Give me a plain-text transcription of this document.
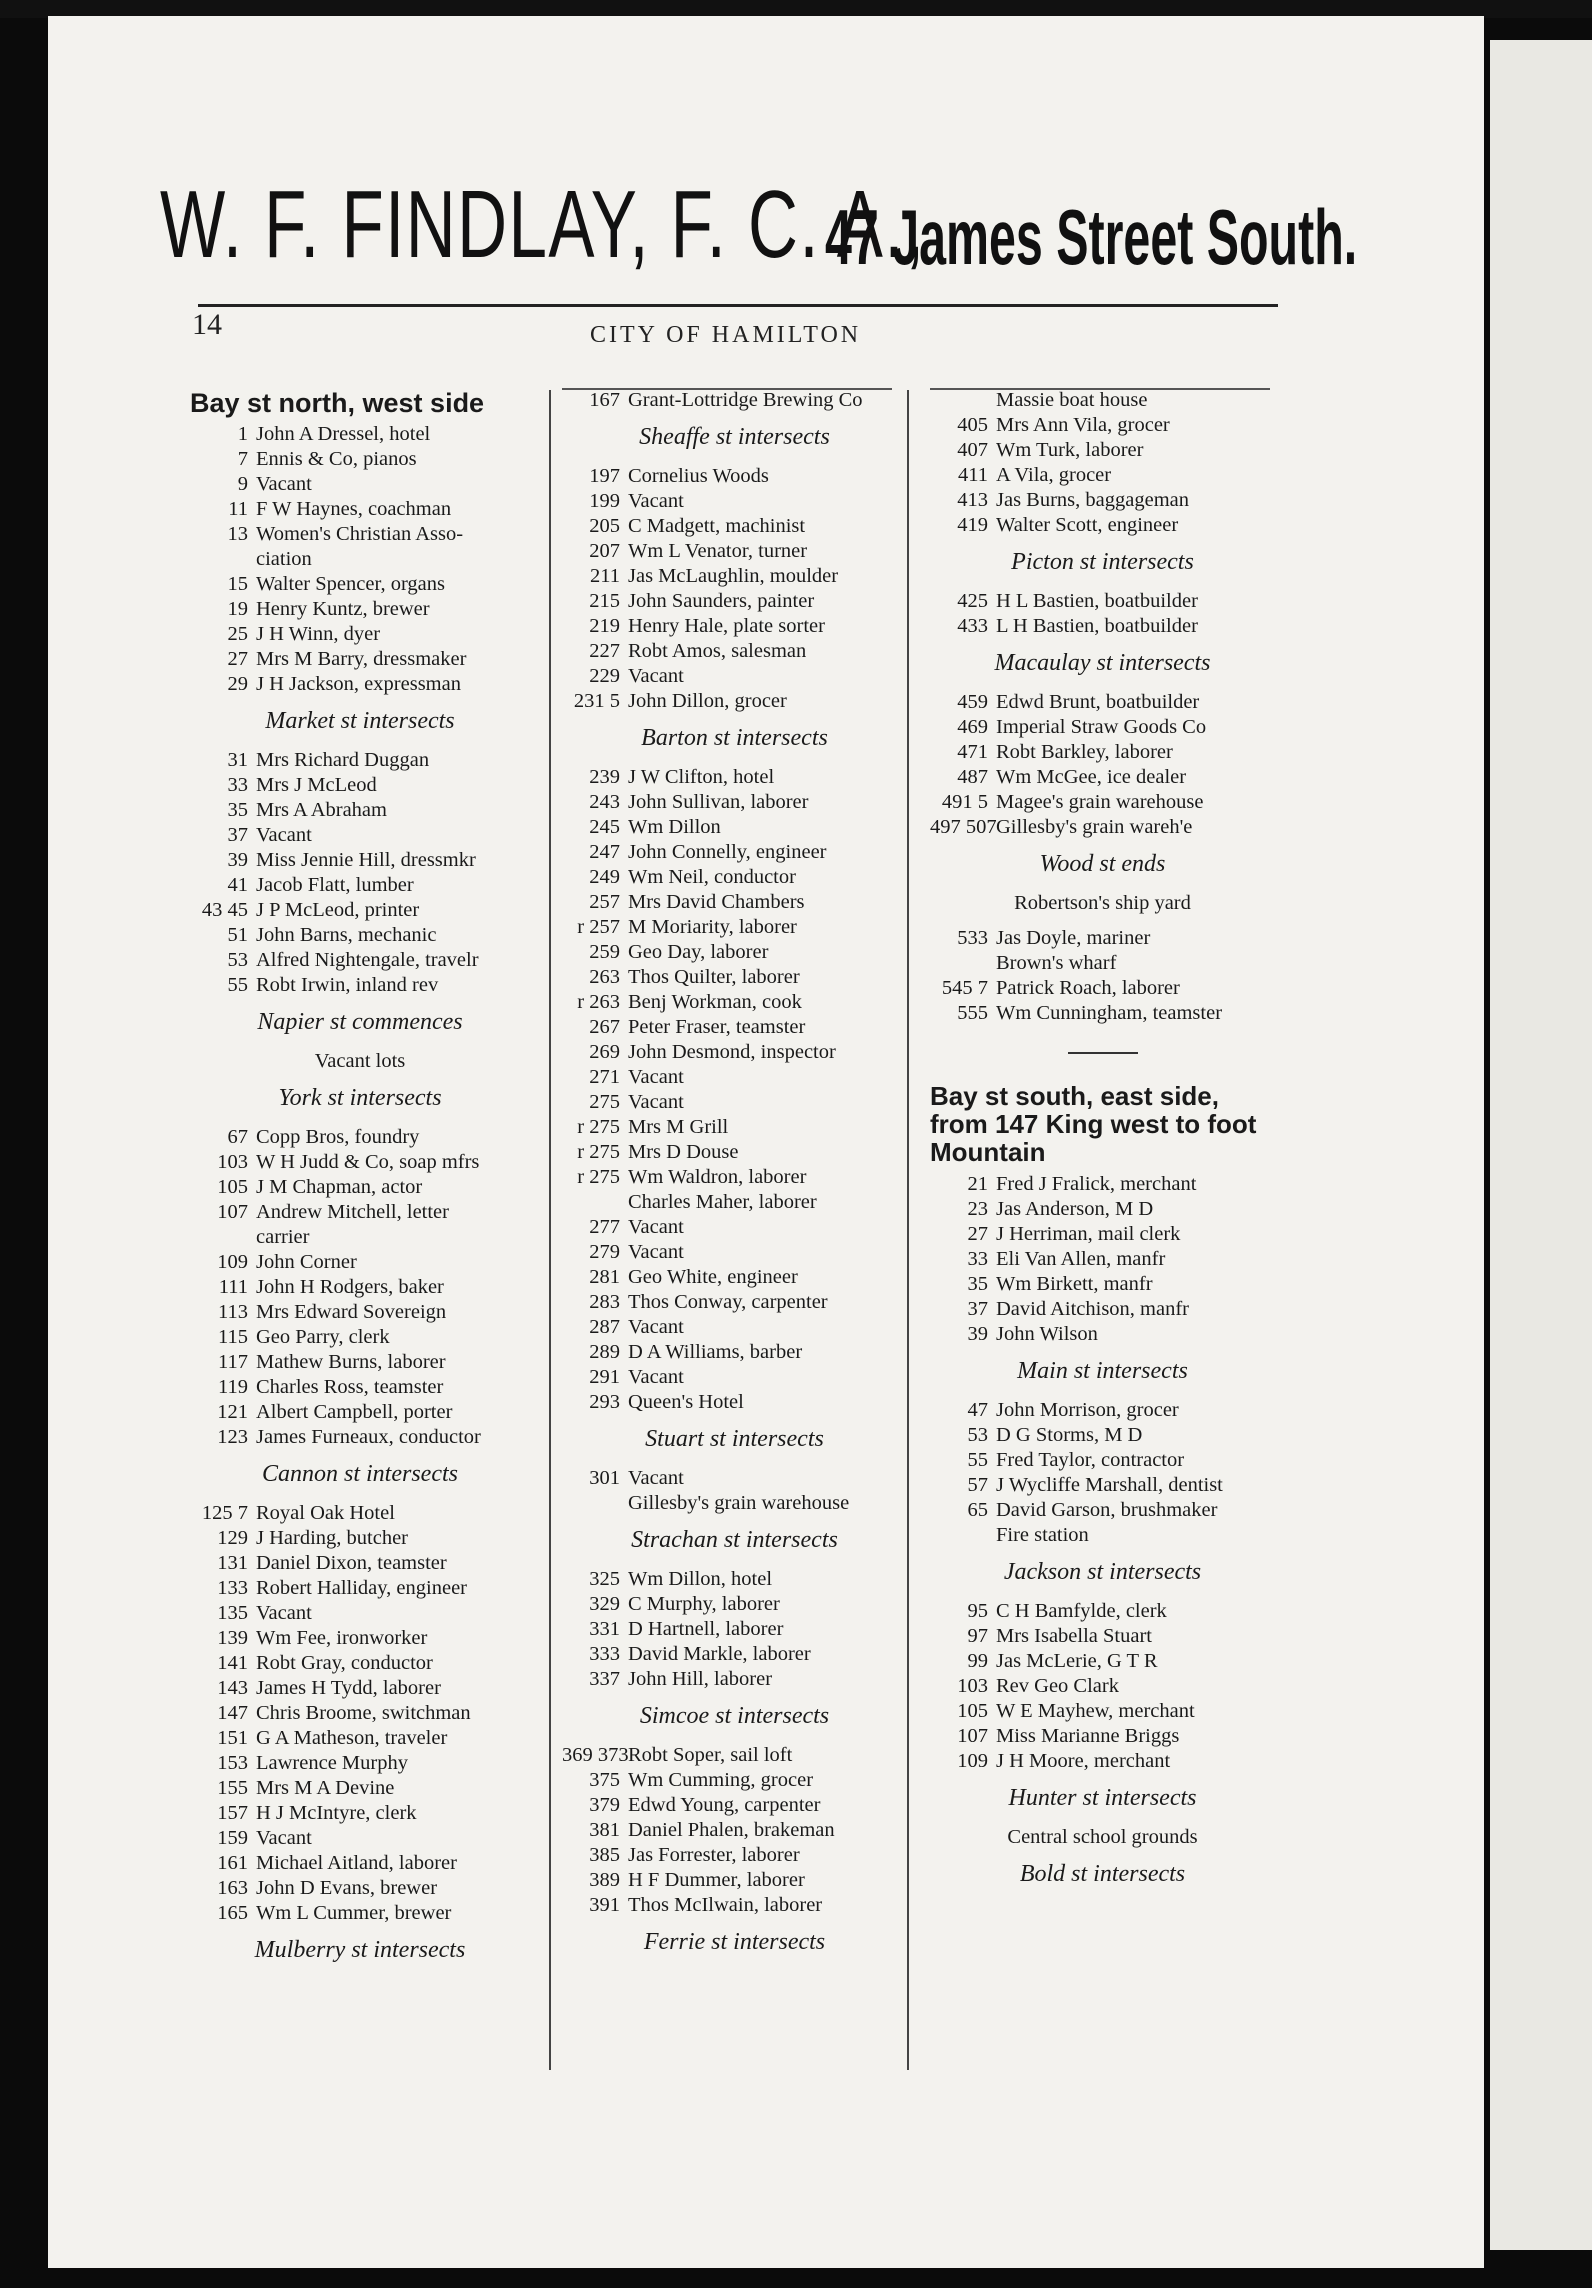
W. F. FINDLAY, F. C. A.,
47 James Street South.
14	CITY OF HAMILTON
Bay st north, west side
1 John A Dressel, hotel
7 Ennis & Co, pianos
9 Vacant
11 F W Haynes, coachman
13 Women's Christian Asso-
ciation
15 Walter Spencer, organs
19 Henry Kuntz, brewer
25 J H Winn, dyer
27 Mrs M Barry, dressmaker
29 J H Jackson, expressman
Market st intersects
31 Mrs Richard Duggan
33 Mrs J McLeod
35 Mrs A Abraham
37 Vacant
39 Miss Jennie Hill, dressmkr
41 Jacob Flatt, lumber
43 45 J P McLeod, printer
51 John Barns, mechanic
53 Alfred Nightengale, travelr
55 Robt Irwin, inland rev
Napier st commences
Vacant lots
York st intersects
67 Copp Bros, foundry
103 W H Judd & Co, soap mfrs
105 J M Chapman, actor
107 Andrew Mitchell, letter
carrier
109 John Corner
111 John H Rodgers, baker
113 Mrs Edward Sovereign
115 Geo Parry, clerk
117 Mathew Burns, laborer
119 Charles Ross, teamster
121 Albert Campbell, porter
123 James Furneaux, conductor
Cannon st intersects
125 7 Royal Oak Hotel
129 J Harding, butcher
131 Daniel Dixon, teamster
133 Robert Halliday, engineer
135 Vacant
139 Wm Fee, ironworker
141 Robt Gray, conductor
143 James H Tydd, laborer
147 Chris Broome, switchman
151 G A Matheson, traveler
153 Lawrence Murphy
155 Mrs M A Devine
157 H J McIntyre, clerk
159 Vacant
161 Michael Aitland, laborer
163 John D Evans, brewer
165 Wm L Cummer, brewer
Mulberry st intersects
167 Grant-Lottridge Brewing Co
Sheaffe st intersects
197 Cornelius Woods
199 Vacant
205 C Madgett, machinist
207 Wm L Venator, turner
211 Jas McLaughlin, moulder
215 John Saunders, painter
219 Henry Hale, plate sorter
227 Robt Amos, salesman
229 Vacant
231 5 John Dillon, grocer
Barton st intersects
239 J W Clifton, hotel
243 John Sullivan, laborer
245 Wm Dillon
247 John Connelly, engineer
249 Wm Neil, conductor
257 Mrs David Chambers
r 257 M Moriarity, laborer
259 Geo Day, laborer
263 Thos Quilter, laborer
r 263 Benj Workman, cook
267 Peter Fraser, teamster
269 John Desmond, inspector
271 Vacant
275 Vacant
r 275 Mrs M Grill
r 275 Mrs D Douse
r 275 Wm Waldron, laborer
Charles Maher, laborer
277 Vacant
279 Vacant
281 Geo White, engineer
283 Thos Conway, carpenter
287 Vacant
289 D A Williams, barber
291 Vacant
293 Queen's Hotel
Stuart st intersects
301 Vacant
Gillesby's grain warehouse
Strachan st intersects
325 Wm Dillon, hotel
329 C Murphy, laborer
331 D Hartnell, laborer
333 David Markle, laborer
337 John Hill, laborer
Simcoe st intersects
369 373 Robt Soper, sail loft
375 Wm Cumming, grocer
379 Edwd Young, carpenter
381 Daniel Phalen, brakeman
385 Jas Forrester, laborer
389 H F Dummer, laborer
391 Thos McIlwain, laborer
Ferrie st intersects
Massie boat house
405 Mrs Ann Vila, grocer
407 Wm Turk, laborer
411 A Vila, grocer
413 Jas Burns, baggageman
419 Walter Scott, engineer
Picton st intersects
425 H L Bastien, boatbuilder
433 L H Bastien, boatbuilder
Macaulay st intersects
459 Edwd Brunt, boatbuilder
469 Imperial Straw Goods Co
471 Robt Barkley, laborer
487 Wm McGee, ice dealer
491 5 Magee's grain warehouse
497 507 Gillesby's grain wareh'e
Wood st ends
Robertson's ship yard
533 Jas Doyle, mariner
Brown's wharf
545 7 Patrick Roach, laborer
555 Wm Cunningham, teamster
Bay st south, east side, from 147 King west to foot Mountain
21 Fred J Fralick, merchant
23 Jas Anderson, M D
27 J Herriman, mail clerk
33 Eli Van Allen, manfr
35 Wm Birkett, manfr
37 David Aitchison, manfr
39 John Wilson
Main st intersects
47 John Morrison, grocer
53 D G Storms, M D
55 Fred Taylor, contractor
57 J Wycliffe Marshall, dentist
65 David Garson, brushmaker
Fire station
Jackson st intersects
95 C H Bamfylde, clerk
97 Mrs Isabella Stuart
99 Jas McLerie, G T R
103 Rev Geo Clark
105 W E Mayhew, merchant
107 Miss Marianne Briggs
109 J H Moore, merchant
Hunter st intersects
Central school grounds
Bold st intersects
